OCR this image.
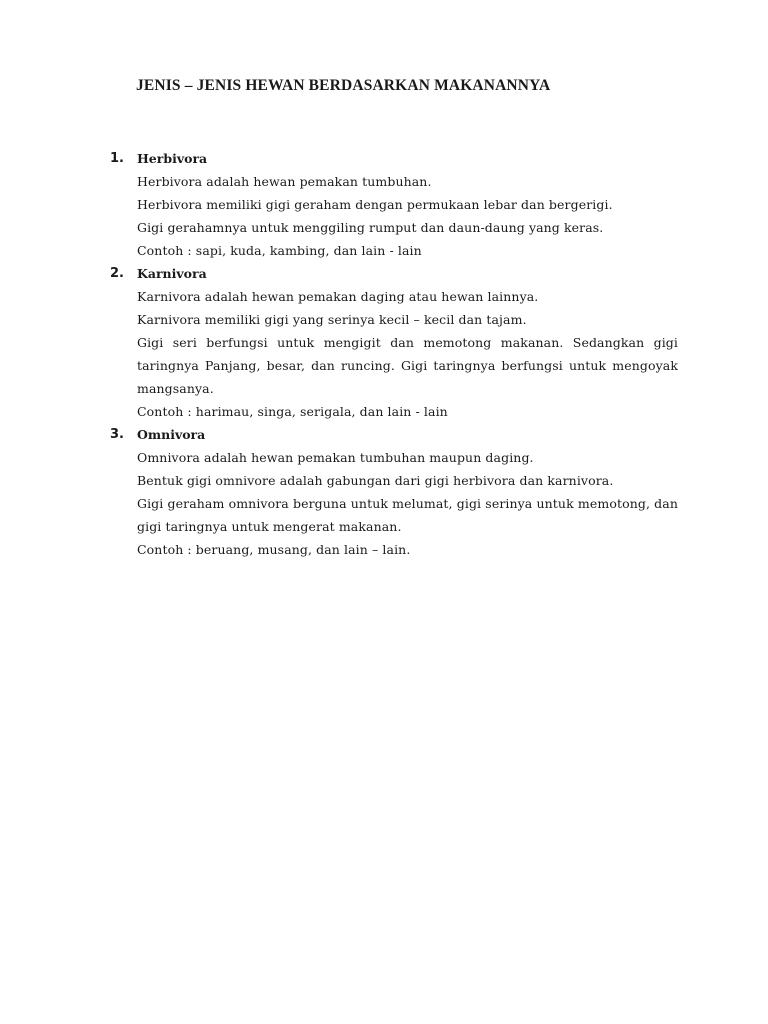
JENIS – JENIS HEWAN BERDASARKAN MAKANANNYA
1.	Herbivora

Herbivora adalah hewan pemakan tumbuhan.

Herbivora memiliki gigi geraham dengan permukaan lebar dan bergerigi.

Gigi gerahamnya untuk menggiling rumput dan daun-daung yang keras.

Contoh : sapi, kuda, kambing, dan lain - lain

2.	Karnivora

Karnivora adalah hewan pemakan daging atau hewan lainnya.

Karnivora memiliki gigi yang serinya kecil – kecil dan tajam.

Gigi seri berfungsi untuk mengigit dan memotong makanan. Sedangkan gigi taringnya Panjang, besar, dan runcing. Gigi taringnya berfungsi untuk mengoyak mangsanya.

Contoh : harimau, singa, serigala, dan lain - lain

3.	Omnivora

Omnivora adalah hewan pemakan tumbuhan maupun daging.

Bentuk gigi omnivore adalah gabungan dari gigi herbivora dan karnivora.

Gigi geraham omnivora berguna untuk melumat, gigi serinya untuk memotong, dan gigi taringnya untuk mengerat makanan.

Contoh : beruang, musang, dan lain – lain.
